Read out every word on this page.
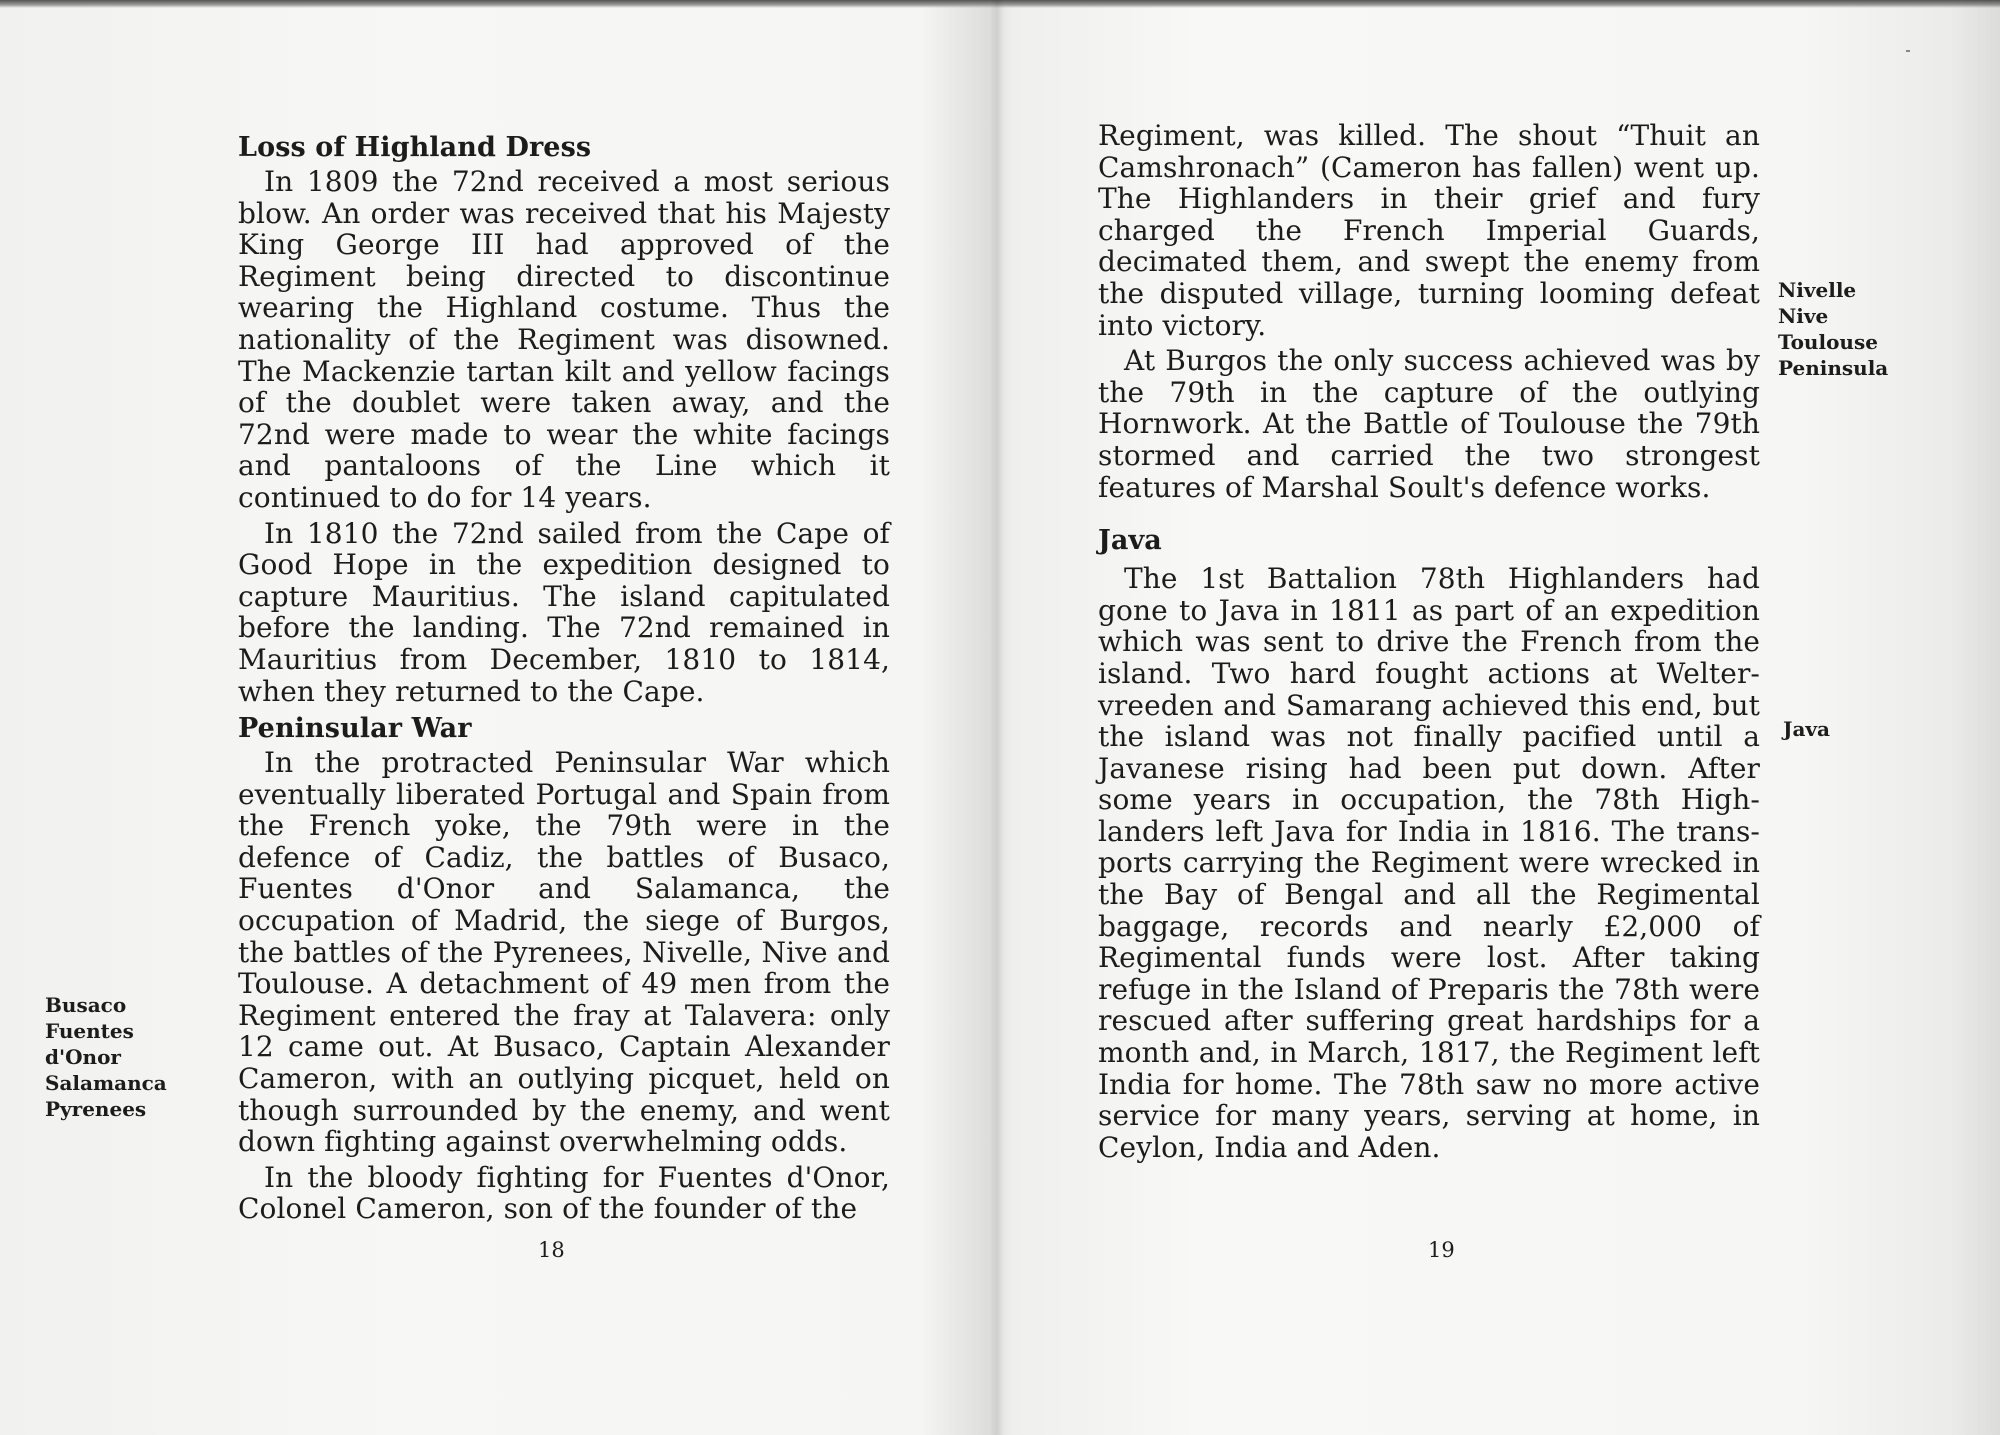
Loss of Highland Dress

In 1809 the 72nd received a most serious blow. An order was received that his Majesty King George III had approved of the Regiment being directed to discontinue wearing the Highland costume. Thus the nationality of the Regiment was disowned. The Mackenzie tartan kilt and yellow facings of the doublet were taken away, and the 72nd were made to wear the white facings and pantaloons of the Line which it continued to do for 14 years.

In 1810 the 72nd sailed from the Cape of Good Hope in the expedition designed to capture Mauritius. The island capitulated before the landing. The 72nd remained in Mauritius from December, 1810 to 1814, when they returned to the Cape.

Peninsular War

In the protracted Peninsular War which eventually liberated Portugal and Spain from the French yoke, the 79th were in the defence of Cadiz, the battles of Busaco, Fuentes d'Onor and Salamanca, the occupation of Madrid, the siege of Burgos, the battles of the Pyrenees, Nivelle, Nive and Toulouse. A detachment of 49 men from the Regiment entered the fray at Talavera: only 12 came out. At Busaco, Captain Alexander Cameron, with an outlying picquet, held on though surrounded by the enemy, and went down fighting against overwhelming odds.

In the bloody fighting for Fuentes d'Onor, Colonel Cameron, son of the founder of the

Busaco
Fuentes
d'Onor
Salamanca
Pyrenees
18

Regiment, was killed. The shout “Thuit an Camshronach” (Cameron has fallen) went up. The Highlanders in their grief and fury charged the French Imperial Guards, decimated them, and swept the enemy from the disputed village, turning looming defeat into victory.

At Burgos the only success achieved was by the 79th in the capture of the outlying Hornwork. At the Battle of Toulouse the 79th stormed and carried the two strongest features of Marshal Soult's defence works.

Java

The 1st Battalion 78th Highlanders had gone to Java in 1811 as part of an expedition which was sent to drive the French from the island. Two hard fought actions at Welter-vreeden and Samarang achieved this end, but the island was not finally pacified until a Javanese rising had been put down. After some years in occupation, the 78th High-landers left Java for India in 1816. The trans-ports carrying the Regiment were wrecked in the Bay of Bengal and all the Regimental baggage, records and nearly £2,000 of Regimental funds were lost. After taking refuge in the Island of Preparis the 78th were rescued after suffering great hardships for a month and, in March, 1817, the Regiment left India for home. The 78th saw no more active service for many years, serving at home, in Ceylon, India and Aden.

Nivelle
Nive
Toulouse
Peninsula
Java
19
